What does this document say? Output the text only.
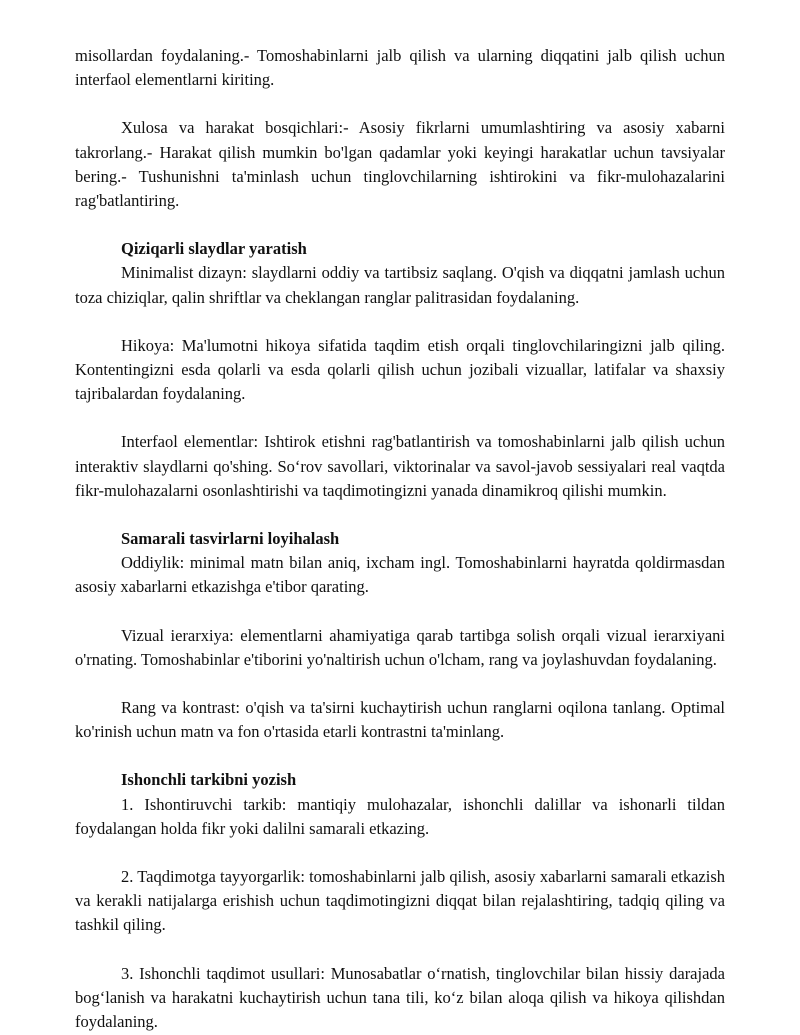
misollardan foydalaning.- Tomoshabinlarni jalb qilish va ularning diqqatini jalb qilish uchun interfaol elementlarni kiriting.

Xulosa va harakat bosqichlari:- Asosiy fikrlarni umumlashtiring va asosiy xabarni takrorlang.- Harakat qilish mumkin bo'lgan qadamlar yoki keyingi harakatlar uchun tavsiyalar bering.- Tushunishni ta'minlash uchun tinglovchilarning ishtirokini va fikr-mulohazalarini rag'batlantiring.

Qiziqarli slaydlar yaratish

Minimalist dizayn: slaydlarni oddiy va tartibsiz saqlang. O'qish va diqqatni jamlash uchun toza chiziqlar, qalin shriftlar va cheklangan ranglar palitrasidan foydalaning.

Hikoya: Ma'lumotni hikoya sifatida taqdim etish orqali tinglovchilaringizni jalb qiling. Kontentingizni esda qolarli va esda qolarli qilish uchun jozibali vizuallar, latifalar va shaxsiy tajribalardan foydalaning.

Interfaol elementlar: Ishtirok etishni rag'batlantirish va tomoshabinlarni jalb qilish uchun interaktiv slaydlarni qo'shing. So‘rov savollari, viktorinalar va savol-javob sessiyalari real vaqtda fikr-mulohazalarni osonlashtirishi va taqdimotingizni yanada dinamikroq qilishi mumkin.

Samarali tasvirlarni loyihalash

Oddiylik: minimal matn bilan aniq, ixcham ingl. Tomoshabinlarni hayratda qoldirmasdan asosiy xabarlarni etkazishga e'tibor qarating.

Vizual ierarxiya: elementlarni ahamiyatiga qarab tartibga solish orqali vizual ierarxiyani o'rnating. Tomoshabinlar e'tiborini yo'naltirish uchun o'lcham, rang va joylashuvdan foydalaning.

Rang va kontrast: o'qish va ta'sirni kuchaytirish uchun ranglarni oqilona tanlang. Optimal ko'rinish uchun matn va fon o'rtasida etarli kontrastni ta'minlang.

Ishonchli tarkibni yozish

1. Ishontiruvchi tarkib: mantiqiy mulohazalar, ishonchli dalillar va ishonarli tildan foydalangan holda fikr yoki dalilni samarali etkazing.

2. Taqdimotga tayyorgarlik: tomoshabinlarni jalb qilish, asosiy xabarlarni samarali etkazish va kerakli natijalarga erishish uchun taqdimotingizni diqqat bilan rejalashtiring, tadqiq qiling va tashkil qiling.

3. Ishonchli taqdimot usullari: Munosabatlar o‘rnatish, tinglovchilar bilan hissiy darajada bog‘lanish va harakatni kuchaytirish uchun tana tili, ko‘z bilan aloqa qilish va hikoya qilishdan foydalaning.
